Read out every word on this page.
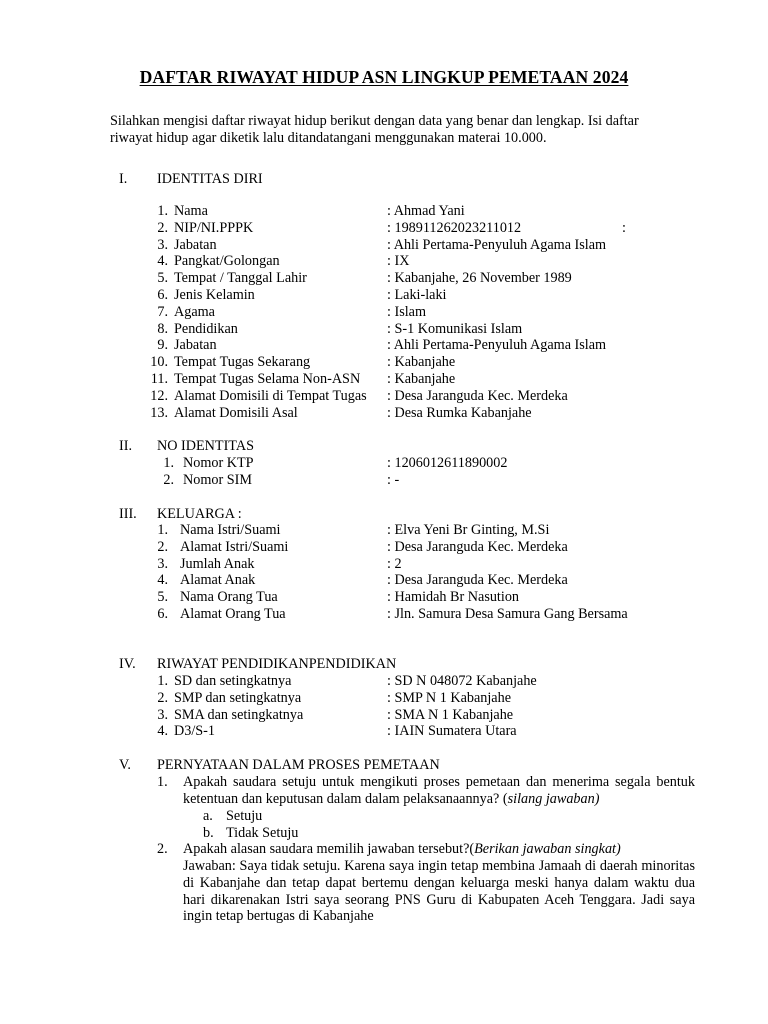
DAFTAR RIWAYAT HIDUP ASN LINGKUP PEMETAAN 2024

Silahkan mengisi daftar riwayat hidup berikut dengan data yang benar dan lengkap. Isi daftar

riwayat hidup agar diketik lalu ditandatangani menggunakan materai 10.000.

I. IDENTITAS DIRI
1. Nama	: Ahmad Yani
2. NIP/NI.PPPK	: 198911262023211012	:
3. Jabatan	: Ahli Pertama-Penyuluh Agama Islam
4. Pangkat/Golongan	: IX
5. Tempat / Tanggal Lahir	: Kabanjahe, 26 November 1989
6. Jenis Kelamin	: Laki-laki
7. Agama	: Islam
8. Pendidikan	: S-1 Komunikasi Islam
9. Jabatan	: Ahli Pertama-Penyuluh Agama Islam
10. Tempat Tugas Sekarang	: Kabanjahe
11. Tempat Tugas Selama Non-ASN : Kabanjahe
12. Alamat Domisili di Tempat Tugas : Desa Jaranguda Kec. Merdeka
13. Alamat Domisili Asal	: Desa Rumka Kabanjahe
II. NO IDENTITAS
1. Nomor KTP	: 1206012611890002
2. Nomor SIM	: -
III. KELUARGA :
1. Nama Istri/Suami	: Elva Yeni Br Ginting, M.Si
2. Alamat Istri/Suami	: Desa Jaranguda Kec. Merdeka
3. Jumlah Anak	: 2
4. Alamat Anak	: Desa Jaranguda Kec. Merdeka
5. Nama Orang Tua	: Hamidah Br Nasution
6. Alamat Orang Tua	: Jln. Samura Desa Samura Gang Bersama
IV. RIWAYAT PENDIDIKANPENDIDIKAN
1. SD dan setingkatnya	: SD N 048072 Kabanjahe
2. SMP dan setingkatnya	: SMP N 1 Kabanjahe
3. SMA dan setingkatnya	: SMA N 1 Kabanjahe
4. D3/S-1	: IAIN Sumatera Utara
V. PERNYATAAN DALAM PROSES PEMETAAN
1. Apakah saudara setuju untuk mengikuti proses pemetaan dan menerima segala bentuk ketentuan dan keputusan dalam dalam pelaksanaannya? (silang jawaban)
a. Setuju
b. Tidak Setuju
2. Apakah alasan saudara memilih jawaban tersebut?(Berikan jawaban singkat)
Jawaban: Saya tidak setuju. Karena saya ingin tetap membina Jamaah di daerah minoritas di Kabanjahe dan tetap dapat bertemu dengan keluarga meski hanya dalam waktu dua hari dikarenakan Istri saya seorang PNS Guru di Kabupaten Aceh Tenggara. Jadi saya ingin tetap bertugas di Kabanjahe
